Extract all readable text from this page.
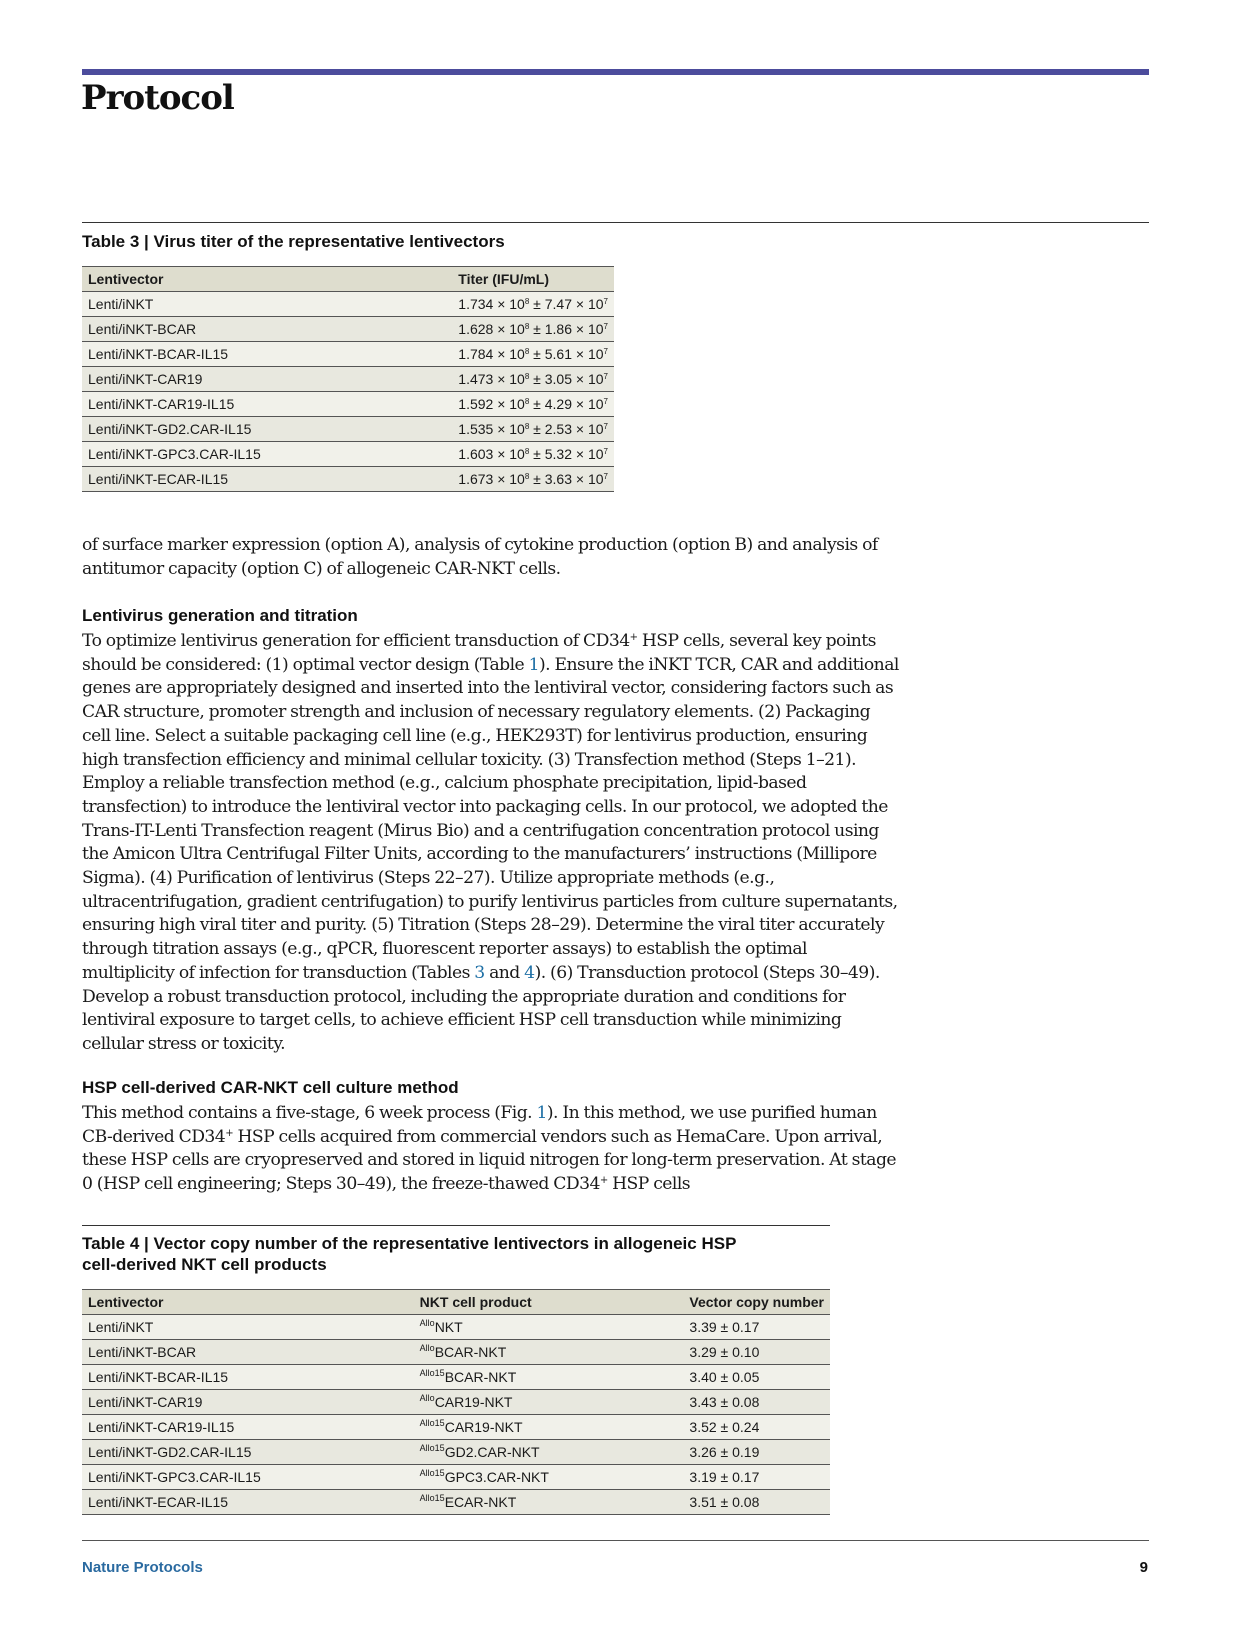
Protocol

Table 3 | Virus titer of the representative lentivectors

Lentivector	Titer (IFU/mL)
Lenti/iNKT	$1.734 \times 10^8 \pm 7.47 \times 10^7$
Lenti/iNKT-BCAR	$1.628 \times 10^8 \pm 1.86 \times 10^7$
Lenti/iNKT-BCAR-IL15	$1.784 \times 10^8 \pm 5.61 \times 10^7$
Lenti/iNKT-CAR19	$1.473 \times 10^8 \pm 3.05 \times 10^7$
Lenti/iNKT-CAR19-IL15	$1.592 \times 10^8 \pm 4.29 \times 10^7$
Lenti/iNKT-GD2.CAR-IL15	$1.535 \times 10^8 \pm 2.53 \times 10^7$
Lenti/iNKT-GPC3.CAR-IL15	$1.603 \times 10^8 \pm 5.32 \times 10^7$
Lenti/iNKT-ECAR-IL15	$1.673 \times 10^8 \pm 3.63 \times 10^7$

of surface marker expression (option A), analysis of cytokine production (option B) and analysis of antitumor capacity (option C) of allogeneic CAR-NKT cells.

Lentivirus generation and titration

To optimize lentivirus generation for efficient transduction of CD34+ HSP cells, several key points should be considered: (1) optimal vector design (Table 1). Ensure the iNKT TCR, CAR and additional genes are appropriately designed and inserted into the lentiviral vector, considering factors such as CAR structure, promoter strength and inclusion of necessary regulatory elements. (2) Packaging cell line. Select a suitable packaging cell line (e.g., HEK293T) for lentivirus production, ensuring high transfection efficiency and minimal cellular toxicity. (3) Transfection method (Steps 1–21). Employ a reliable transfection method (e.g., calcium phosphate precipitation, lipid-based transfection) to introduce the lentiviral vector into packaging cells. In our protocol, we adopted the Trans-IT-Lenti Transfection reagent (Mirus Bio) and a centrifugation concentration protocol using the Amicon Ultra Centrifugal Filter Units, according to the manufacturers’ instructions (Millipore Sigma). (4) Purification of lentivirus (Steps 22–27). Utilize appropriate methods (e.g., ultracentrifugation, gradient centrifugation) to purify lentivirus particles from culture supernatants, ensuring high viral titer and purity. (5) Titration (Steps 28–29). Determine the viral titer accurately through titration assays (e.g., qPCR, fluorescent reporter assays) to establish the optimal multiplicity of infection for transduction (Tables 3 and 4). (6) Transduction protocol (Steps 30–49). Develop a robust transduction protocol, including the appropriate duration and conditions for lentiviral exposure to target cells, to achieve efficient HSP cell transduction while minimizing cellular stress or toxicity.

HSP cell-derived CAR-NKT cell culture method

This method contains a five-stage, 6 week process (Fig. 1). In this method, we use purified human CB-derived CD34+ HSP cells acquired from commercial vendors such as HemaCare. Upon arrival, these HSP cells are cryopreserved and stored in liquid nitrogen for long-term preservation. At stage 0 (HSP cell engineering; Steps 30–49), the freeze-thawed CD34+ HSP cells

Table 4 | Vector copy number of the representative lentivectors in allogeneic HSP
cell-derived NKT cell products

Lentivector	NKT cell product	Vector copy number
Lenti/iNKT	$^{Allo}$NKT	3.39 ± 0.17
Lenti/iNKT-BCAR	$^{Allo}$BCAR-NKT	3.29 ± 0.10
Lenti/iNKT-BCAR-IL15	$^{Allo15}$BCAR-NKT	3.40 ± 0.05
Lenti/iNKT-CAR19	$^{Allo}$CAR19-NKT	3.43 ± 0.08
Lenti/iNKT-CAR19-IL15	$^{Allo15}$CAR19-NKT	3.52 ± 0.24
Lenti/iNKT-GD2.CAR-IL15	$^{Allo15}$GD2.CAR-NKT	3.26 ± 0.19
Lenti/iNKT-GPC3.CAR-IL15	$^{Allo15}$GPC3.CAR-NKT	3.19 ± 0.17
Lenti/iNKT-ECAR-IL15	$^{Allo15}$ECAR-NKT	3.51 ± 0.08
Nature Protocols	9
